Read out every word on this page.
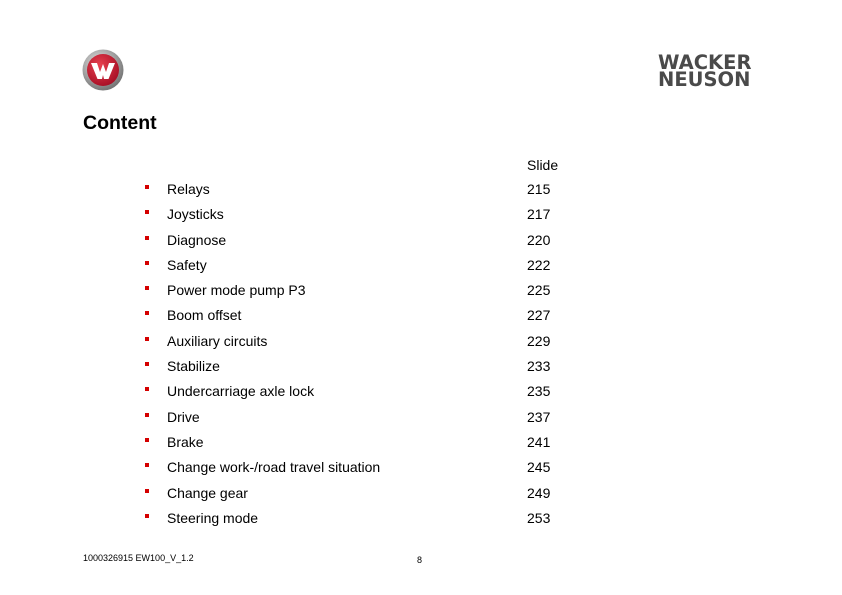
WACKER
NEUSON
Content
Slide
Relays	215
Joysticks	217
Diagnose	220
Safety	222
Power mode pump P3	225
Boom offset	227
Auxiliary circuits	229
Stabilize	233
Undercarriage axle lock	235
Drive	237
Brake	241
Change work-/road travel situation	245
Change gear	249
Steering mode	253
1000326915 EW100_V_1.2	8
